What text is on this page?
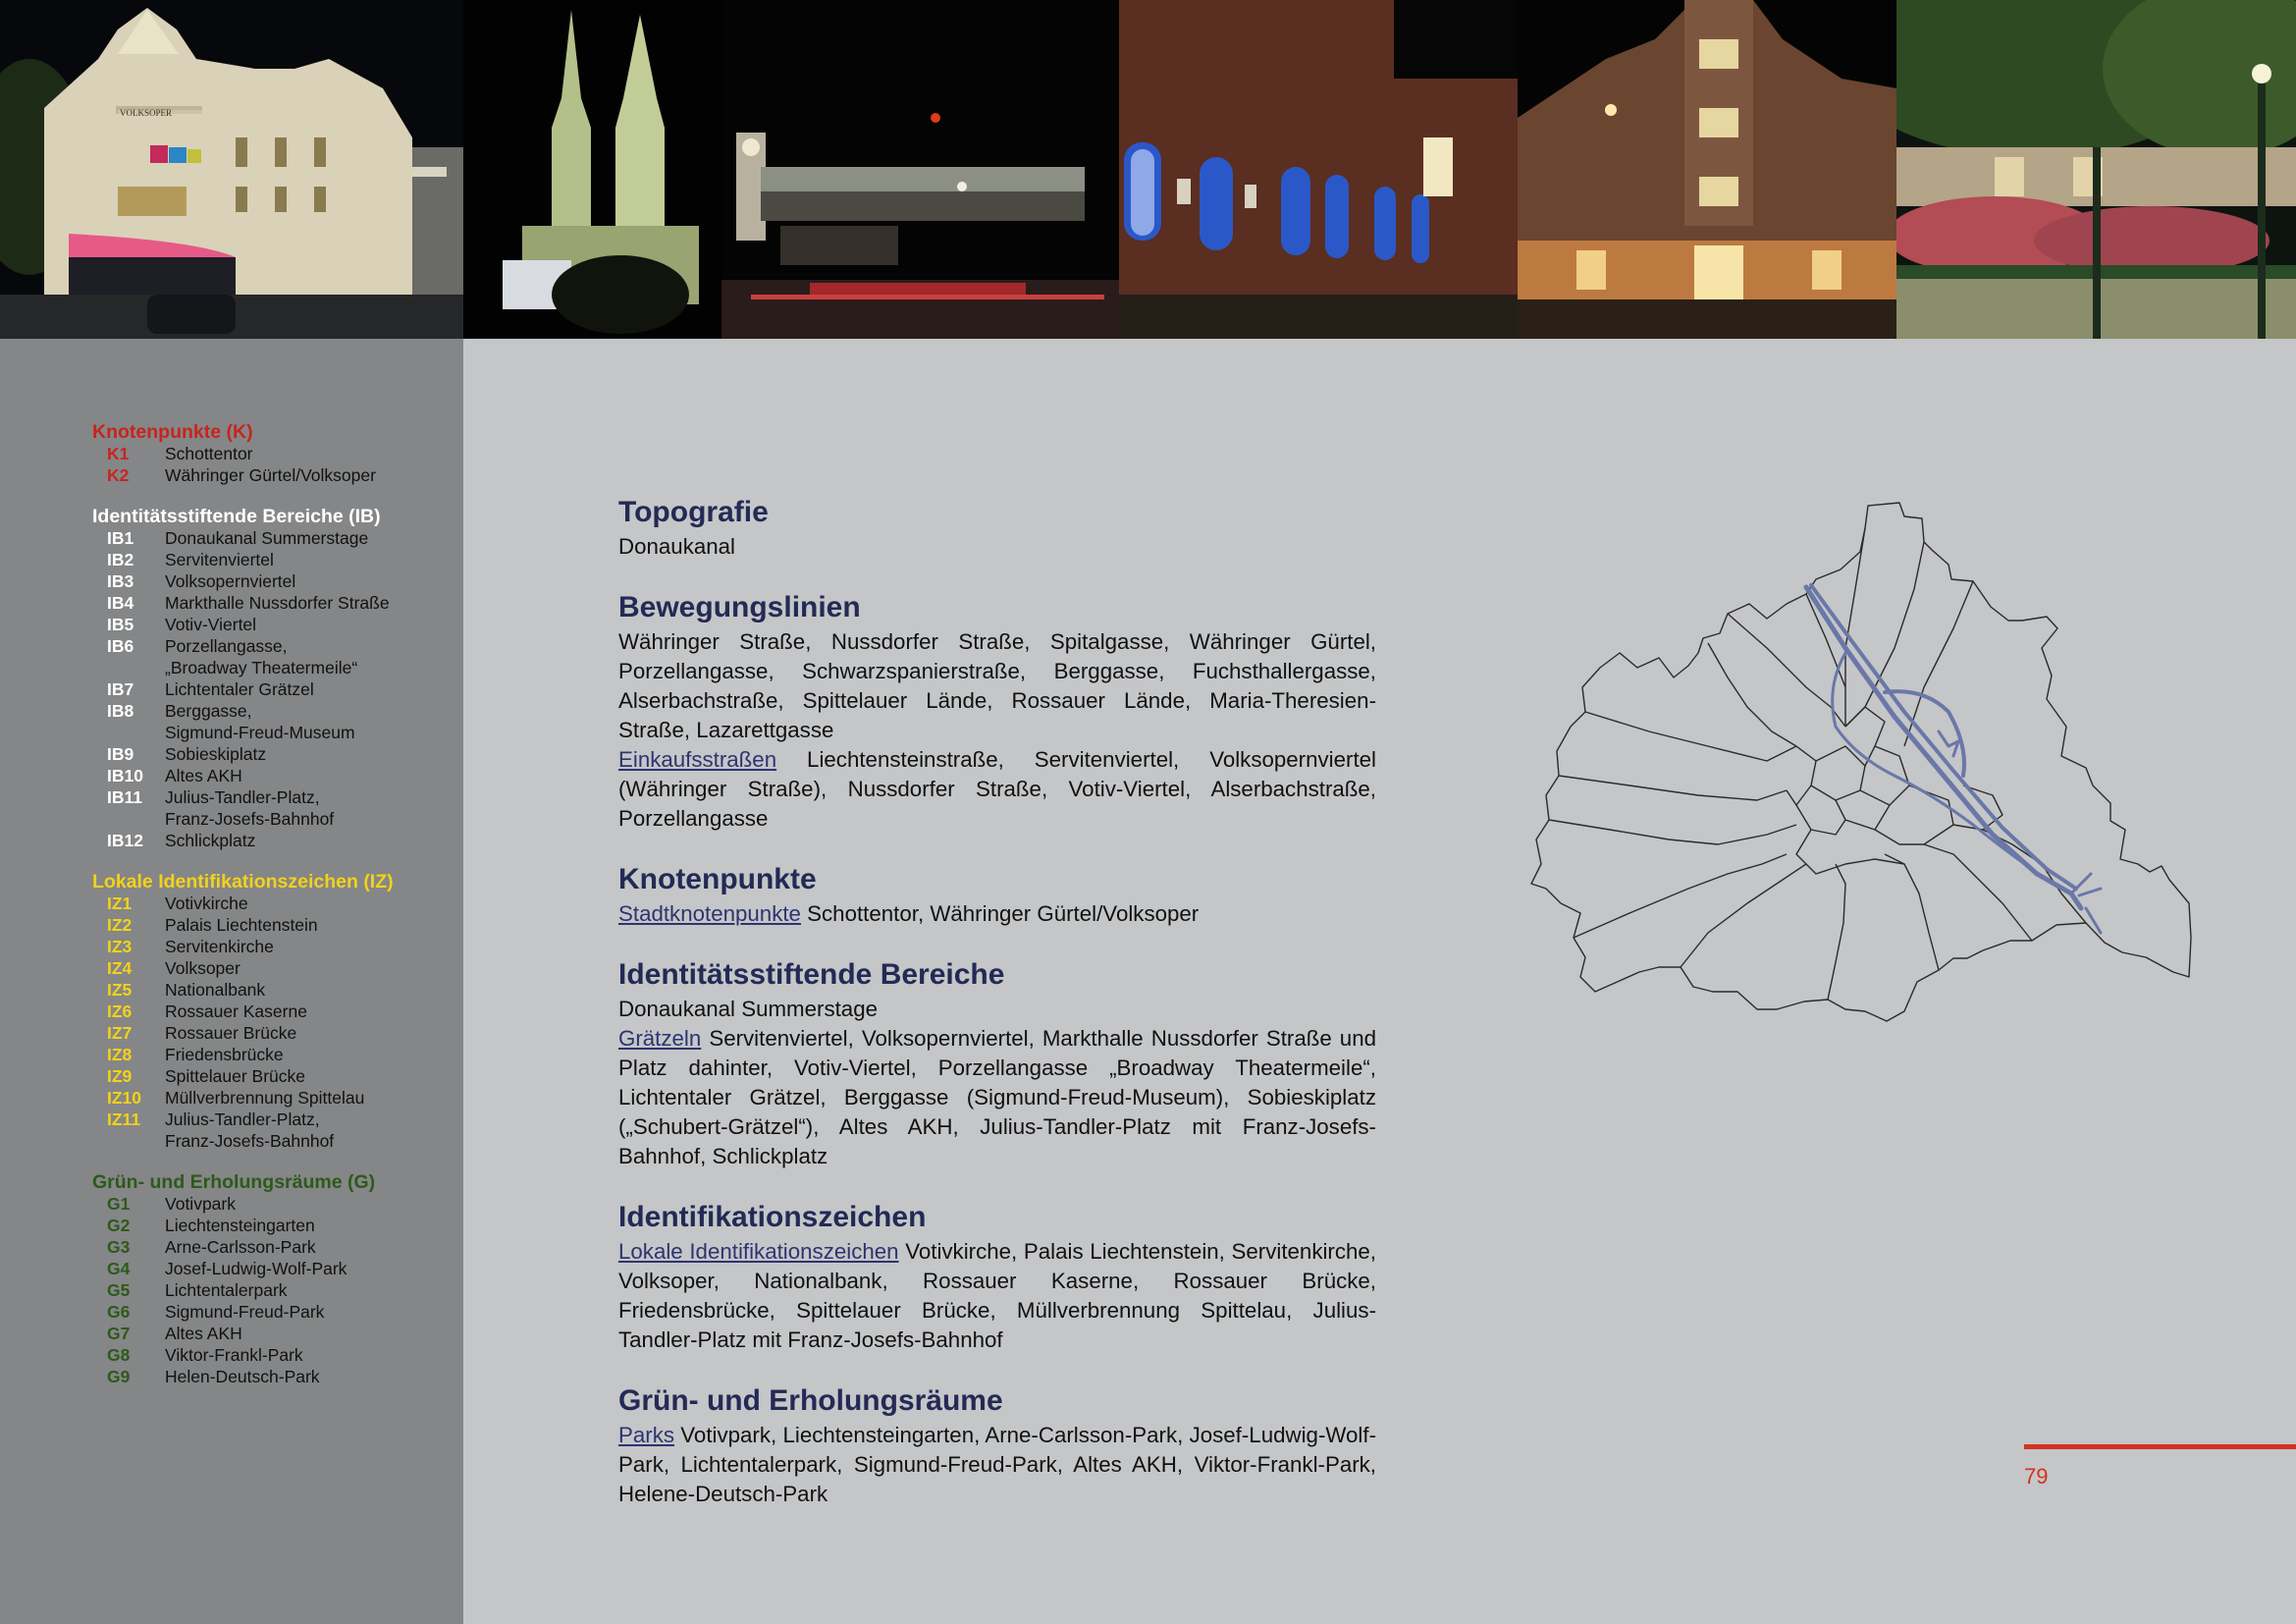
VOLKSOPER
Knotenpunkte (K)
K1	Schottentor
K2	Währinger Gürtel/Volksoper
Identitätsstiftende Bereiche (IB)
IB1	Donaukanal Summerstage
IB2	Servitenviertel
IB3	Volksopernviertel
IB4	Markthalle Nussdorfer Straße
IB5	Votiv-Viertel
IB6	Porzellangasse,
„Broadway Theatermeile“
IB7	Lichtentaler Grätzel
IB8	Berggasse,
Sigmund-Freud-Museum
IB9	Sobieskiplatz
IB10	Altes AKH
IB11	Julius-Tandler-Platz,
Franz-Josefs-Bahnhof
IB12	Schlickplatz
Lokale Identifikationszeichen (IZ)
IZ1	Votivkirche
IZ2	Palais Liechtenstein
IZ3	Servitenkirche
IZ4	Volksoper
IZ5	Nationalbank
IZ6	Rossauer Kaserne
IZ7	Rossauer Brücke
IZ8	Friedensbrücke
IZ9	Spittelauer Brücke
IZ10	Müllverbrennung Spittelau
IZ11	Julius-Tandler-Platz,
Franz-Josefs-Bahnhof
Grün- und Erholungsräume (G)
G1	Votivpark
G2	Liechtensteingarten
G3	Arne-Carlsson-Park
G4	Josef-Ludwig-Wolf-Park
G5	Lichtentalerpark
G6	Sigmund-Freud-Park
G7	Altes AKH
G8	Viktor-Frankl-Park
G9	Helen-Deutsch-Park
Topografie

Donaukanal

Bewegungslinien

Währinger Straße, Nussdorfer Straße, Spitalgasse, Währinger Gürtel, Porzellangasse, Schwarzspanierstraße, Berggasse, Fuchsthallergasse, Alserbachstraße, Spittelauer Lände, Rossauer Lände, Maria-Theresien-Straße, Lazarettgasse

Einkaufsstraßen Liechtensteinstraße, Servitenviertel, Volksopernviertel (Währinger Straße), Nussdorfer Straße, Votiv-Viertel, Alserbachstraße, Porzellangasse

Knotenpunkte

Stadtknotenpunkte Schottentor, Währinger Gürtel/Volksoper

Identitätsstiftende Bereiche

Donaukanal Summerstage

Grätzeln Servitenviertel, Volksopernviertel, Markthalle Nussdorfer Straße und Platz dahinter, Votiv-Viertel, Porzellangasse „Broadway Theatermeile“, Lichtentaler Grätzel, Berggasse (Sigmund-Freud-Museum), Sobieskiplatz („Schubert-Grätzel“), Altes AKH, Julius-Tandler-Platz mit Franz-Josefs-Bahnhof, Schlickplatz

Identifikationszeichen

Lokale Identifikationszeichen Votivkirche, Palais Liechtenstein, Servitenkirche, Volksoper, Nationalbank, Rossauer Kaserne, Rossauer Brücke, Friedensbrücke, Spittelauer Brücke, Müllverbrennung Spittelau, Julius-Tandler-Platz mit Franz-Josefs-Bahnhof

Grün- und Erholungsräume

Parks Votivpark, Liechtensteingarten, Arne-Carlsson-Park, Josef-Ludwig-Wolf-Park, Lichtentalerpark, Sigmund-Freud-Park, Altes AKH, Viktor-Frankl-Park, Helene-Deutsch-Park

79
